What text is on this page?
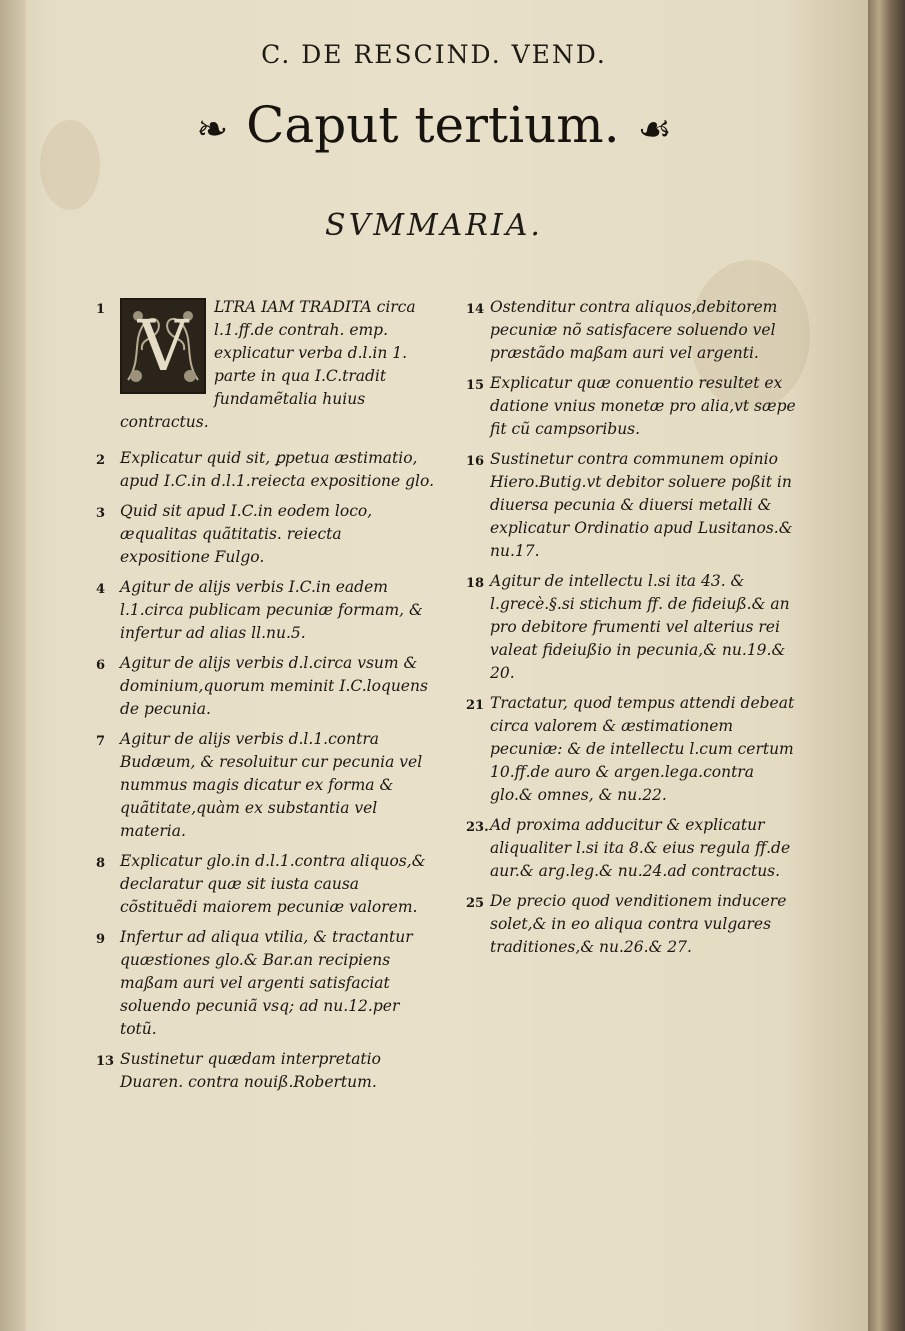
C. DE RESCIND. VEND.
❧ Caput tertium. ☙
SVMMARIA.
1 V	LTRA IAM TRADITA circa l.1.ff.de contrah. emp. explicatur verba d.l.in 1. parte in qua I.C.tradit fundamẽtalia huius contractus.
2 Explicatur quid sit, ꝑpetua æstimatio, apud I.C.in d.l.1.reiecta expositione glo.
3 Quid sit apud I.C.in eodem loco, æqualitas quãtitatis. reiecta expositione Fulgo.
4 Agitur de alijs verbis I.C.in eadem l.1.circa publicam pecuniæ formam, & infertur ad alias ll.nu.5.
6 Agitur de alijs verbis d.l.circa vsum & dominium,quorum meminit I.C.loquens de pecunia.
7 Agitur de alijs verbis d.l.1.contra Budæum, & resoluitur cur pecunia vel nummus magis dicatur ex forma & quãtitate,quàm ex substantia vel materia.
8 Explicatur glo.in d.l.1.contra aliquos,& declaratur quæ sit iusta causa cõstituẽdi maiorem pecuniæ valorem.
9 Infertur ad aliqua vtilia, & tractantur quæstiones glo.& Bar.an recipiens maßam auri vel argenti satisfaciat soluendo pecuniã vsq; ad nu.12.per totũ.
13 Sustinetur quædam interpretatio Duaren. contra nouiß.Robertum.
14 Ostenditur contra aliquos,debitorem pecuniæ nõ satisfacere soluendo vel præstãdo maßam auri vel argenti.
15 Explicatur quæ conuentio resultet ex datione vnius monetæ pro alia,vt sæpe fit cũ campsoribus.
16 Sustinetur contra communem opinio Hiero.Butig.vt debitor soluere poßit in diuersa pecunia & diuersi metalli & explicatur Ordinatio apud Lusitanos.& nu.17.
18 Agitur de intellectu l.si ita 43. & l.grecè.§.si stichum ff. de fideiuß.& an pro debitore frumenti vel alterius rei valeat fideiußio in pecunia,& nu.19.& 20.
21 Tractatur, quod tempus attendi debeat circa valorem & æstimationem pecuniæ: & de intellectu l.cum certum 10.ff.de auro & argen.lega.contra glo.& omnes, & nu.22.
23. Ad proxima adducitur & explicatur aliqualiter l.si ita 8.& eius regula ff.de aur.& arg.leg.& nu.24.ad contractus.
25 De precio quod venditionem inducere solet,& in eo aliqua contra vulgares traditiones,& nu.26.& 27.
